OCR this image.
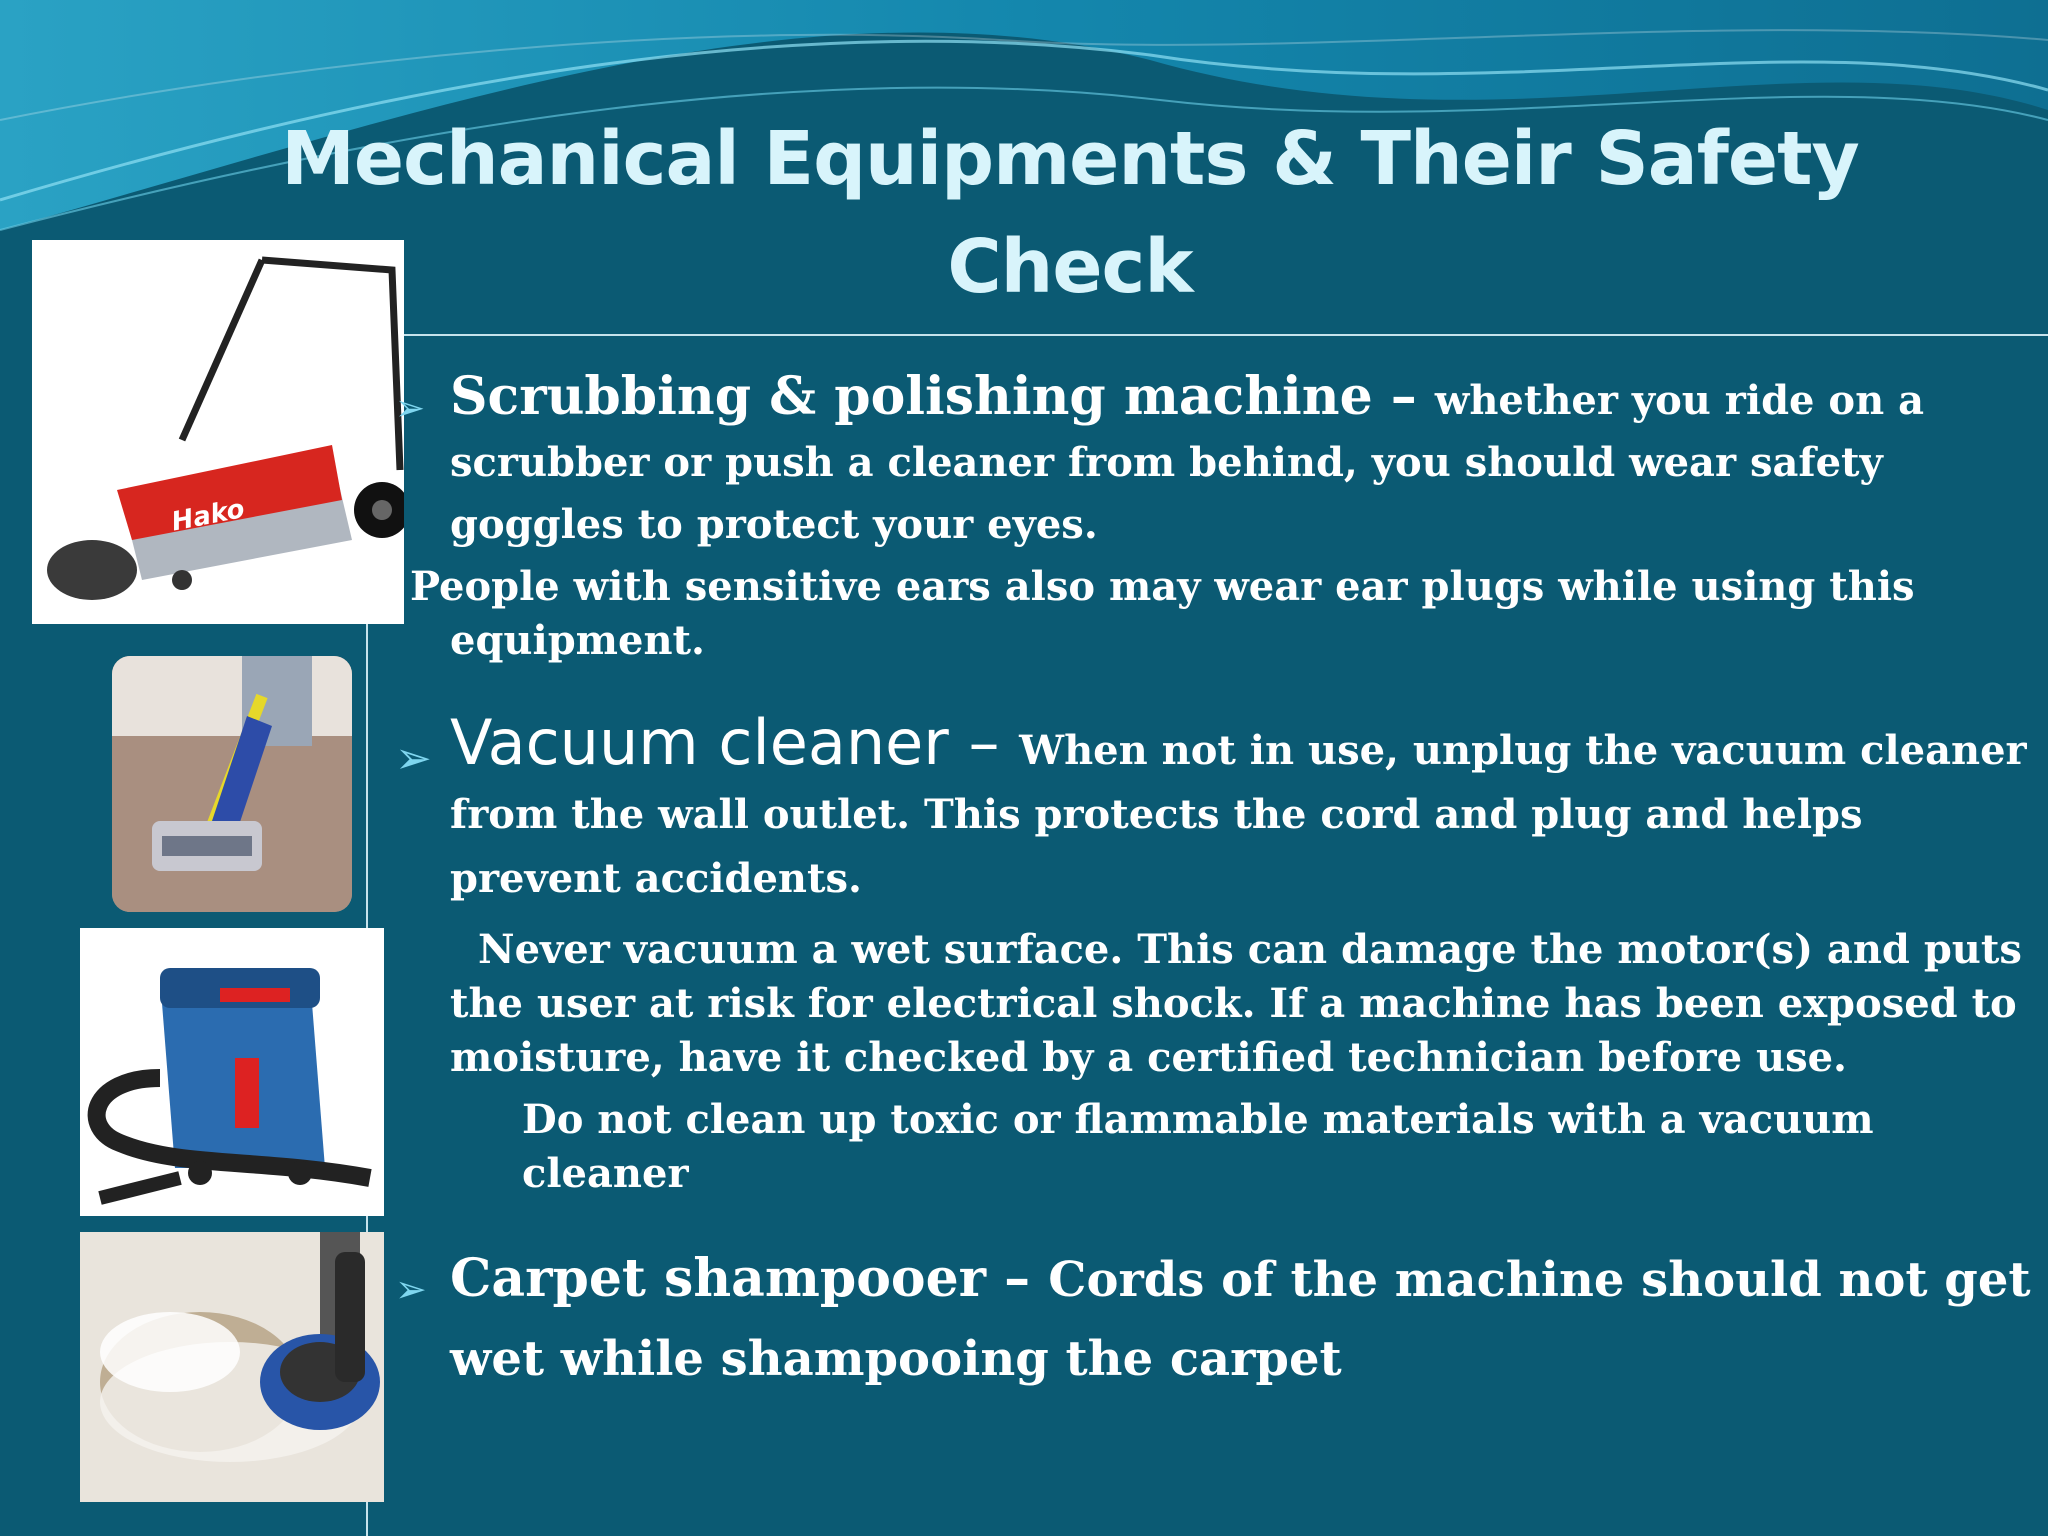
Mechanical Equipments & Their Safety Check
Hako
➢ Scrubbing & polishing machine – whether you ride on a scrubber or push a cleaner from behind, you should wear safety goggles to protect your eyes.

People with sensitive ears also may wear ear plugs while using this equipment.

➢ Vacuum cleaner – When not in use, unplug the vacuum cleaner from the wall outlet. This protects the cord and plug and helps prevent accidents.

Never vacuum a wet surface. This can damage the motor(s) and puts the user at risk for electrical shock. If a machine has been exposed to moisture, have it checked by a certified technician before use.

Do not clean up toxic or flammable materials with a vacuum cleaner

➢ Carpet shampooer – Cords of the machine should not get wet while shampooing the carpet
